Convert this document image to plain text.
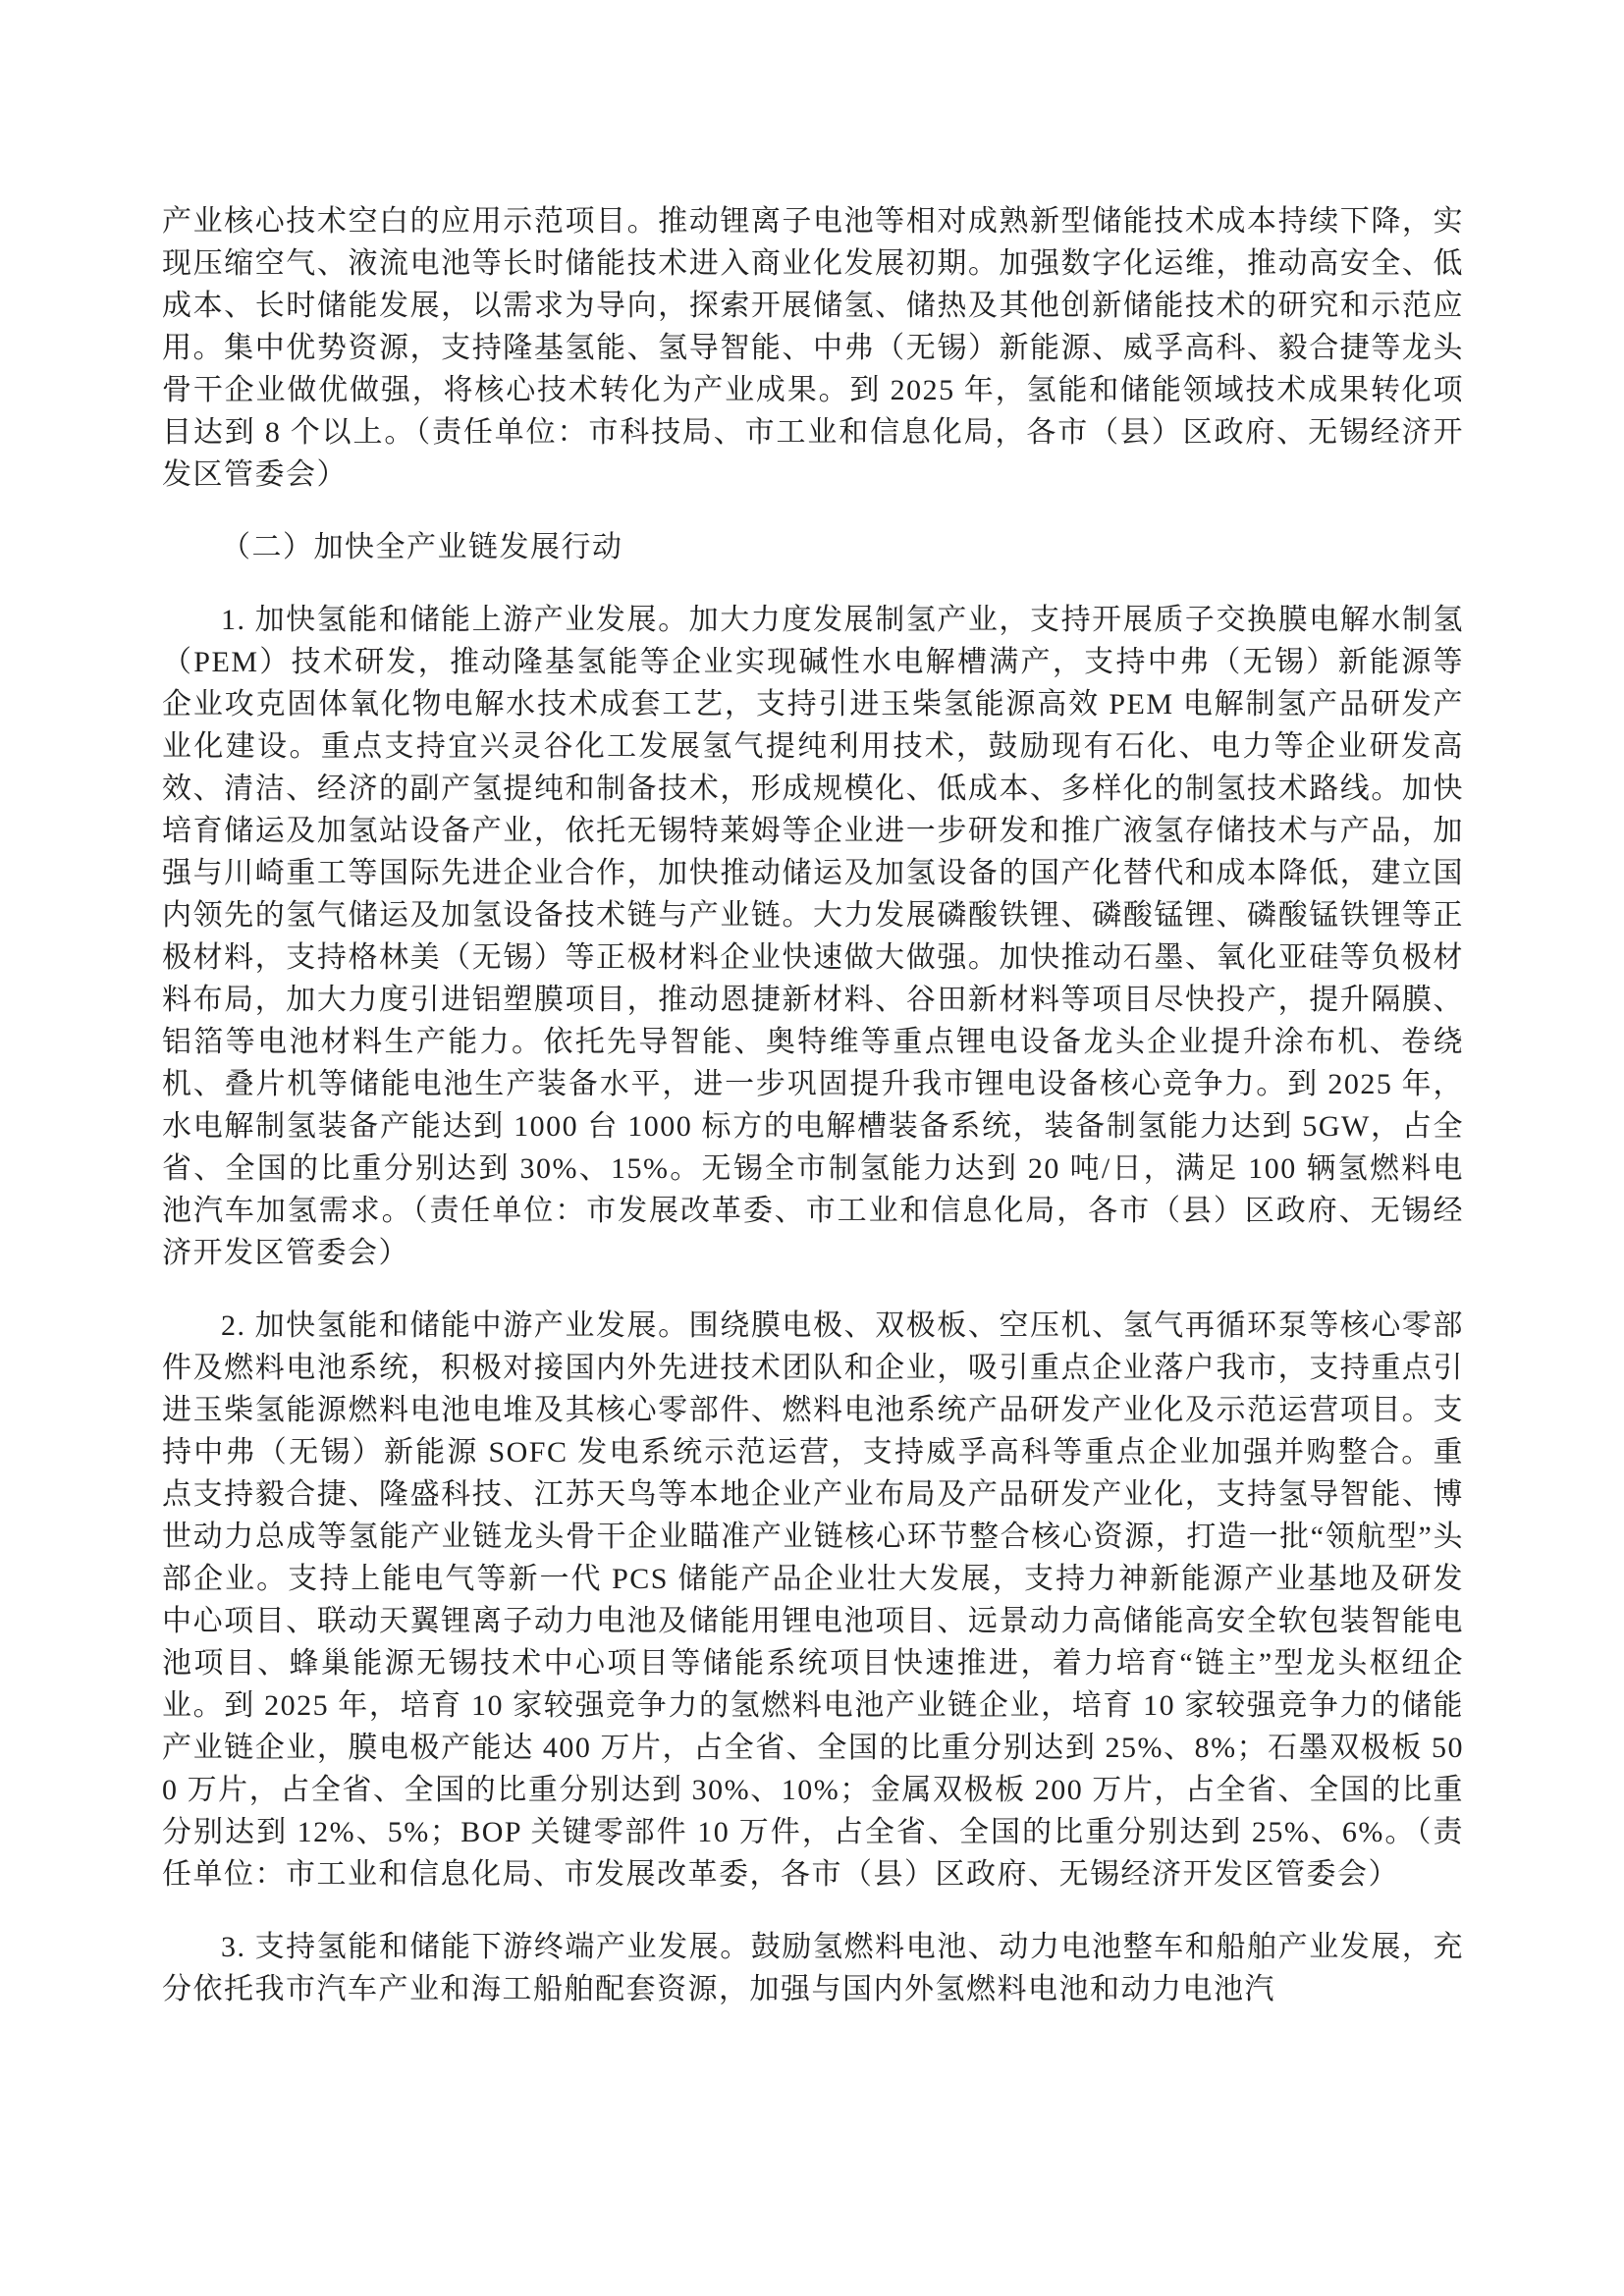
产业核心技术空白的应用示范项目。推动锂离子电池等相对成熟新型储能技术成本持续下降，实现压缩空气、液流电池等长时储能技术进入商业化发展初期。加强数字化运维，推动高安全、低成本、长时储能发展，以需求为导向，探索开展储氢、储热及其他创新储能技术的研究和示范应用。集中优势资源，支持隆基氢能、氢导智能、中弗（无锡）新能源、威孚高科、毅合捷等龙头骨干企业做优做强，将核心技术转化为产业成果。到 2025 年，氢能和储能领域技术成果转化项目达到 8 个以上。（责任单位：市科技局、市工业和信息化局，各市（县）区政府、无锡经济开发区管委会）

（二）加快全产业链发展行动

1. 加快氢能和储能上游产业发展。加大力度发展制氢产业，支持开展质子交换膜电解水制氢（PEM）技术研发，推动隆基氢能等企业实现碱性水电解槽满产，支持中弗（无锡）新能源等企业攻克固体氧化物电解水技术成套工艺，支持引进玉柴氢能源高效 PEM 电解制氢产品研发产业化建设。重点支持宜兴灵谷化工发展氢气提纯利用技术，鼓励现有石化、电力等企业研发高效、清洁、经济的副产氢提纯和制备技术，形成规模化、低成本、多样化的制氢技术路线。加快培育储运及加氢站设备产业，依托无锡特莱姆等企业进一步研发和推广液氢存储技术与产品，加强与川崎重工等国际先进企业合作，加快推动储运及加氢设备的国产化替代和成本降低，建立国内领先的氢气储运及加氢设备技术链与产业链。大力发展磷酸铁锂、磷酸锰锂、磷酸锰铁锂等正极材料，支持格林美（无锡）等正极材料企业快速做大做强。加快推动石墨、氧化亚硅等负极材料布局，加大力度引进铝塑膜项目，推动恩捷新材料、谷田新材料等项目尽快投产，提升隔膜、铝箔等电池材料生产能力。依托先导智能、奥特维等重点锂电设备龙头企业提升涂布机、卷绕机、叠片机等储能电池生产装备水平，进一步巩固提升我市锂电设备核心竞争力。到 2025 年，水电解制氢装备产能达到 1000 台 1000 标方的电解槽装备系统，装备制氢能力达到 5GW，占全省、全国的比重分别达到 30%、15%。无锡全市制氢能力达到 20 吨/日，满足 100 辆氢燃料电池汽车加氢需求。（责任单位：市发展改革委、市工业和信息化局，各市（县）区政府、无锡经济开发区管委会）

2. 加快氢能和储能中游产业发展。围绕膜电极、双极板、空压机、氢气再循环泵等核心零部件及燃料电池系统，积极对接国内外先进技术团队和企业，吸引重点企业落户我市，支持重点引进玉柴氢能源燃料电池电堆及其核心零部件、燃料电池系统产品研发产业化及示范运营项目。支持中弗（无锡）新能源 SOFC 发电系统示范运营，支持威孚高科等重点企业加强并购整合。重点支持毅合捷、隆盛科技、江苏天鸟等本地企业产业布局及产品研发产业化，支持氢导智能、博世动力总成等氢能产业链龙头骨干企业瞄准产业链核心环节整合核心资源，打造一批“领航型”头部企业。支持上能电气等新一代 PCS 储能产品企业壮大发展，支持力神新能源产业基地及研发中心项目、联动天翼锂离子动力电池及储能用锂电池项目、远景动力高储能高安全软包装智能电池项目、蜂巢能源无锡技术中心项目等储能系统项目快速推进，着力培育“链主”型龙头枢纽企业。到 2025 年，培育 10 家较强竞争力的氢燃料电池产业链企业，培育 10 家较强竞争力的储能产业链企业，膜电极产能达 400 万片，占全省、全国的比重分别达到 25%、8%；石墨双极板 500 万片，占全省、全国的比重分别达到 30%、10%；金属双极板 200 万片，占全省、全国的比重分别达到 12%、5%；BOP 关键零部件 10 万件，占全省、全国的比重分别达到 25%、6%。（责任单位：市工业和信息化局、市发展改革委，各市（县）区政府、无锡经济开发区管委会）

3. 支持氢能和储能下游终端产业发展。鼓励氢燃料电池、动力电池整车和船舶产业发展，充分依托我市汽车产业和海工船舶配套资源，加强与国内外氢燃料电池和动力电池汽
